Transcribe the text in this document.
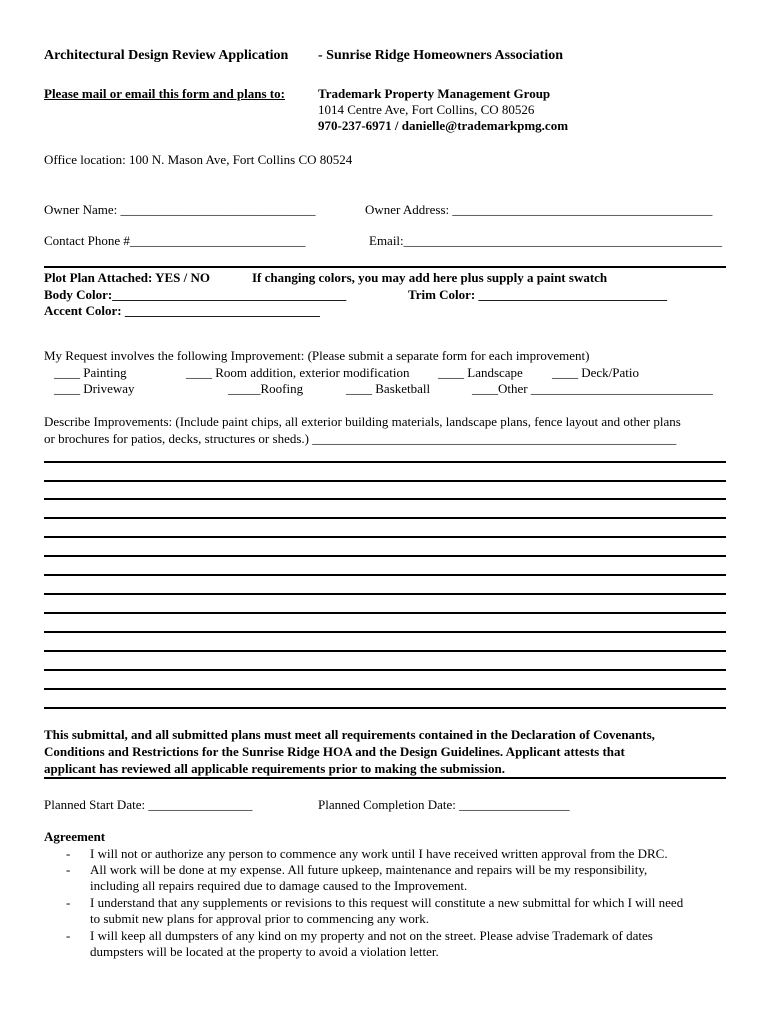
Architectural Design Review Application - Sunrise Ridge Homeowners Association
Please mail or email this form and plans to:	Trademark Property Management Group
1014 Centre Ave, Fort Collins, CO 80526
970-237-6971 / danielle@trademarkpmg.com
Office location: 100 N. Mason Ave, Fort Collins CO 80524
Owner Name: ______________________________	Owner Address: ________________________________________
Contact Phone #___________________________	Email:_________________________________________________
Plot Plan Attached: YES / NO	If changing colors, you may add here plus supply a paint swatch
Body Color:____________________________________	Trim Color: _____________________________
Accent Color: ______________________________
My Request involves the following Improvement: (Please submit a separate form for each improvement)
____ Painting	____ Room addition, exterior modification ____ Landscape ____ Deck/Patio
____ Driveway	_____Roofing	____ Basketball	____Other ____________________________
Describe Improvements: (Include paint chips, all exterior building materials, landscape plans, fence layout and other plans
or brochures for patios, decks, structures or sheds.) ________________________________________________________
This submittal, and all submitted plans must meet all requirements contained in the Declaration of Covenants,
Conditions and Restrictions for the Sunrise Ridge HOA and the Design Guidelines. Applicant attests that
applicant has reviewed all applicable requirements prior to making the submission.
Planned Start Date: ________________	Planned Completion Date: _________________
Agreement
- I will not or authorize any person to commence any work until I have received written approval from the DRC.
- All work will be done at my expense. All future upkeep, maintenance and repairs will be my responsibility,
including all repairs required due to damage caused to the Improvement.
- I understand that any supplements or revisions to this request will constitute a new submittal for which I will need
to submit new plans for approval prior to commencing any work.
- I will keep all dumpsters of any kind on my property and not on the street. Please advise Trademark of dates
dumpsters will be located at the property to avoid a violation letter.
